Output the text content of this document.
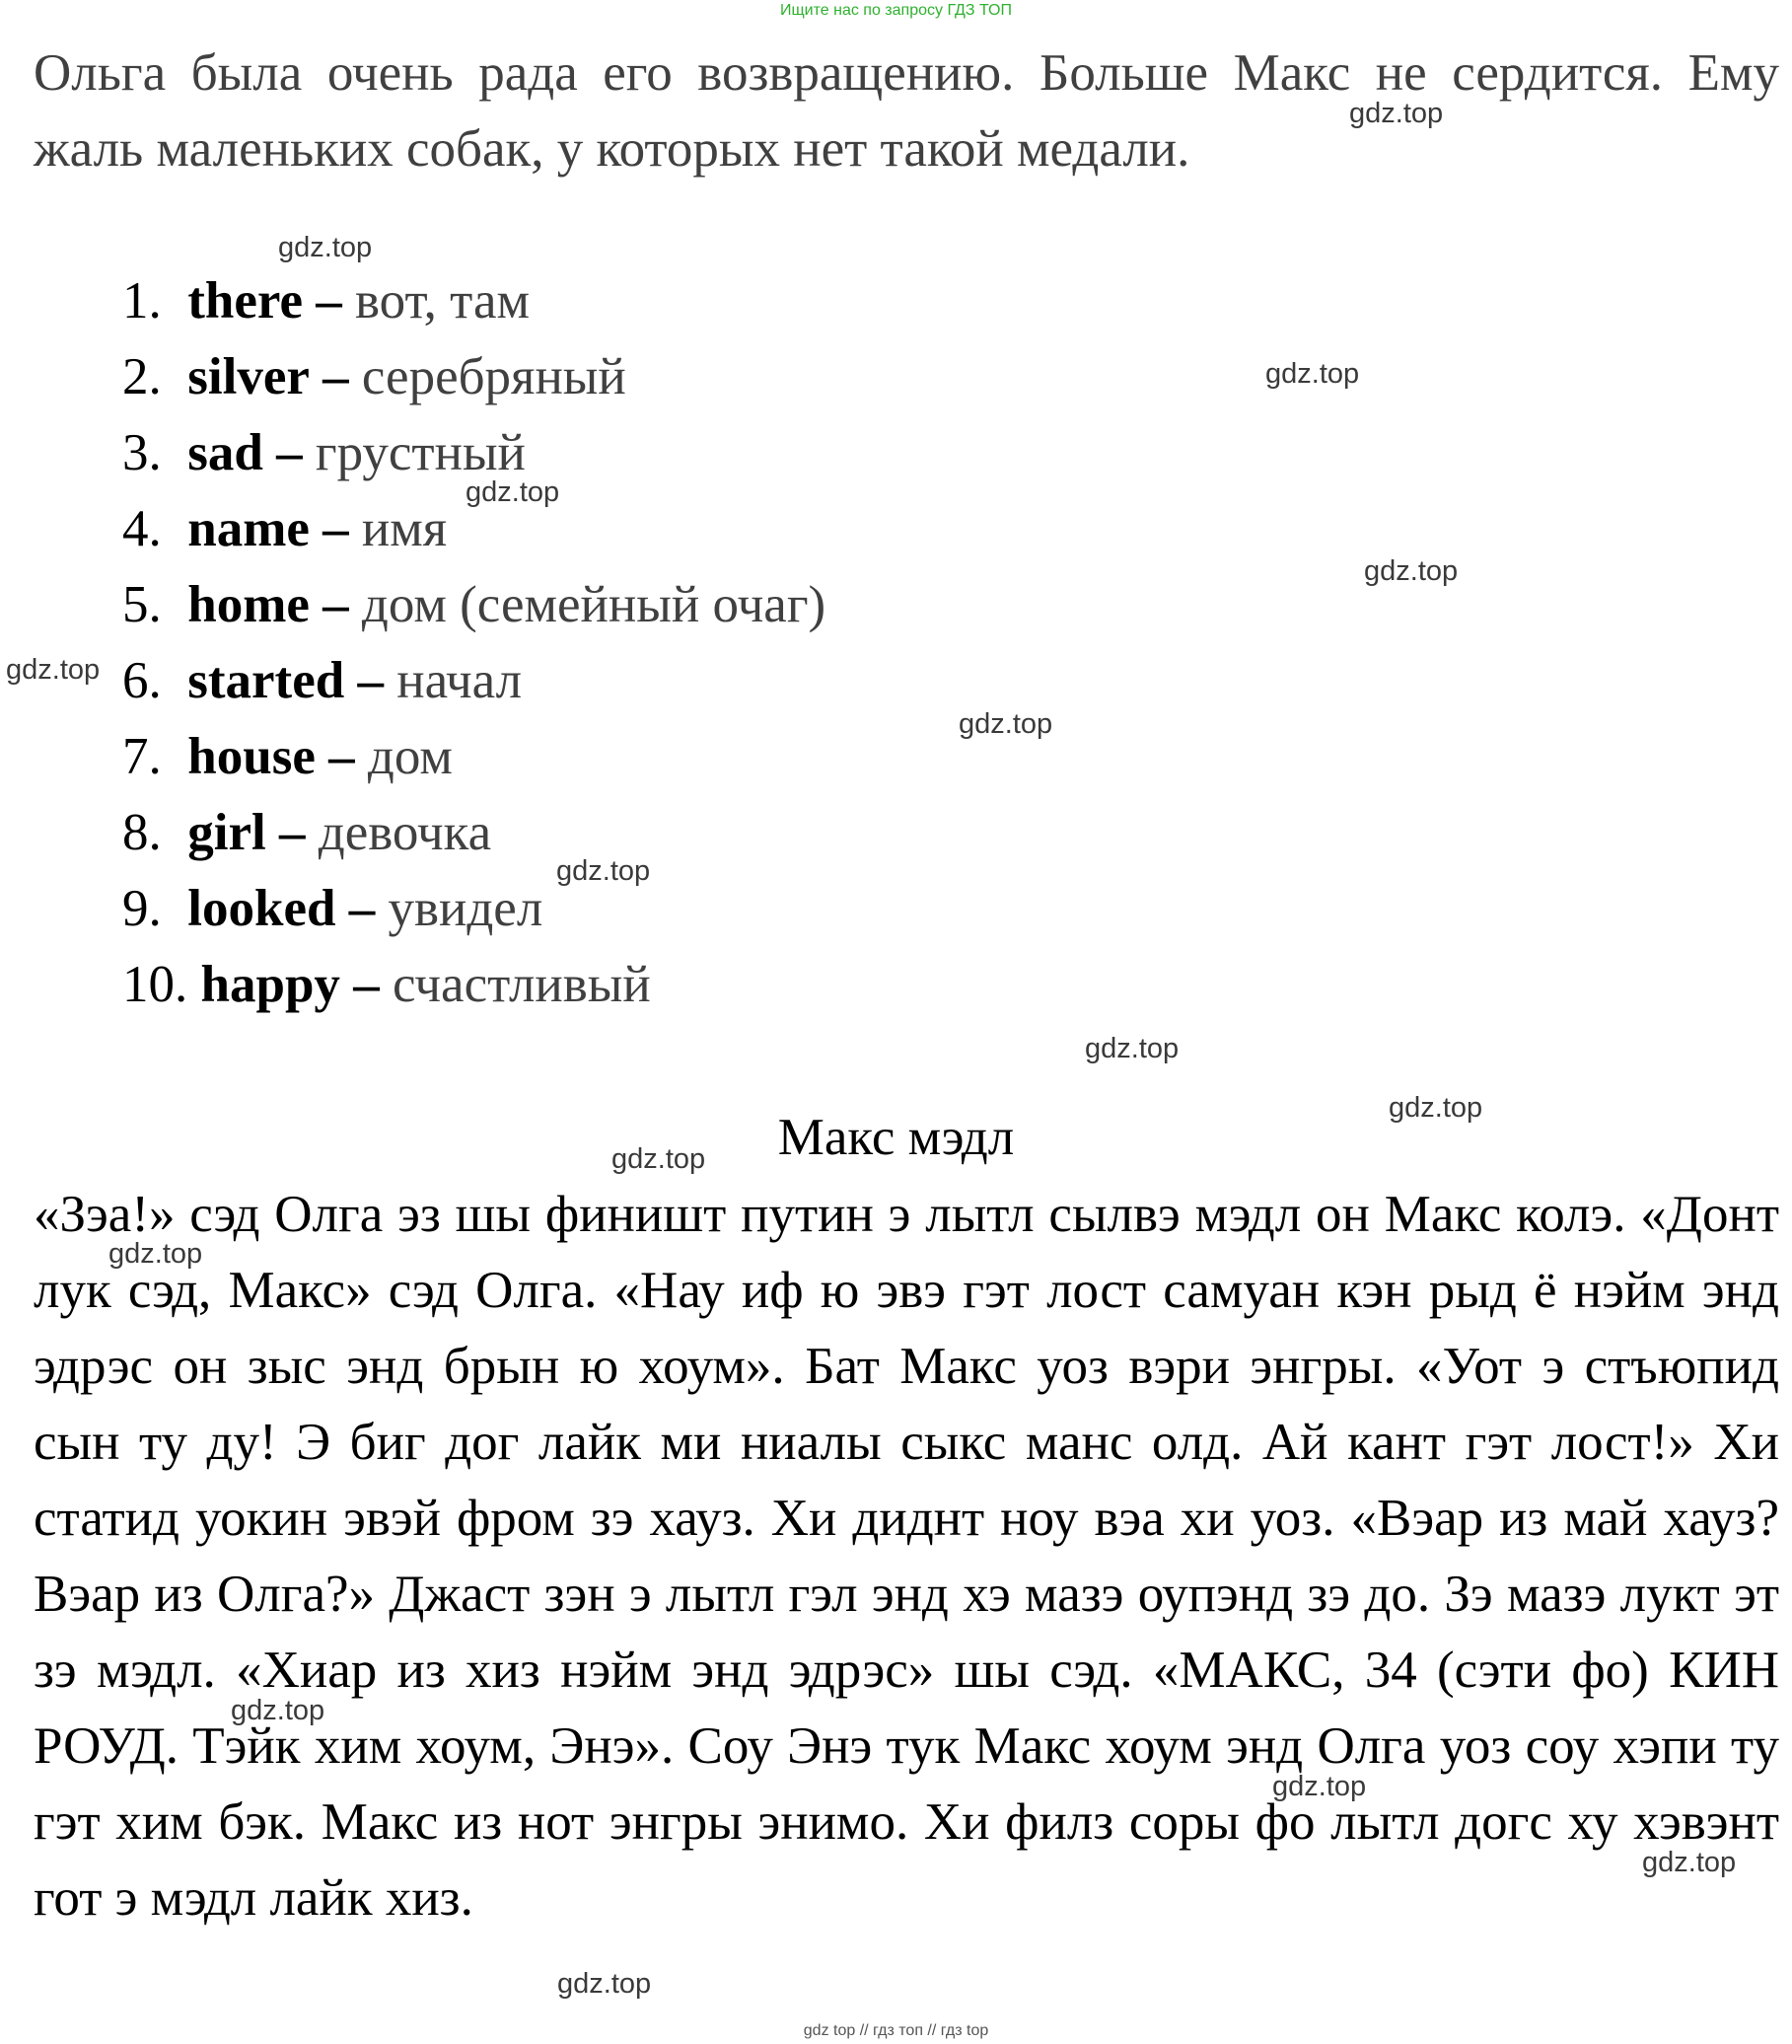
Ищите нас по запросу ГДЗ ТОП

Ольга была очень рада его возвращению. Больше Макс не сердится. Ему жаль маленьких собак, у которых нет такой медали.

1. there – вот, там
2. silver – серебряный
3. sad – грустный
4. name – имя
5. home – дом (семейный очаг)
6. started – начал
7. house – дом
8. girl – девочка
9. looked – увидел
10. happy – счастливый
Макс мэдл

«Зэа!» сэд Олга эз шы финишт путин э лытл сылвэ мэдл он Макс колэ. «Донт лук сэд, Макс» сэд Олга. «Нау иф ю эвэ гэт лост самуан кэн рыд ё нэйм энд эдрэс он зыс энд брын ю хоум». Бат Макс уоз вэри энгры. «Уот э стъюпид сын ту ду! Э биг дог лайк ми ниалы сыкс манс олд. Ай кант гэт лост!» Хи статид уокин эвэй фром зэ хауз. Хи диднт ноу вэа хи уоз. «Вэар из май хауз? Вэар из Олга?» Джаст зэн э лытл гэл энд хэ мазэ оупэнд зэ до. Зэ мазэ лукт эт зэ мэдл. «Хиар из хиз нэйм энд эдрэс» шы сэд. «МАКС, 34 (сэти фо) КИН РОУД. Тэйк хим хоум, Энэ». Соу Энэ тук Макс хоум энд Олга уоз соу хэпи ту гэт хим бэк. Макс из нот энгры энимо. Хи филз соры фо лытл догс ху хэвэнт гот э мэдл лайк хиз.

gdz.top
gdz.top
gdz.top
gdz.top
gdz.top
gdz.top
gdz.top
gdz.top
gdz.top
gdz.top
gdz.top
gdz.top
gdz.top
gdz.top
gdz.top
gdz.top
gdz top // гдз топ // гдз top
